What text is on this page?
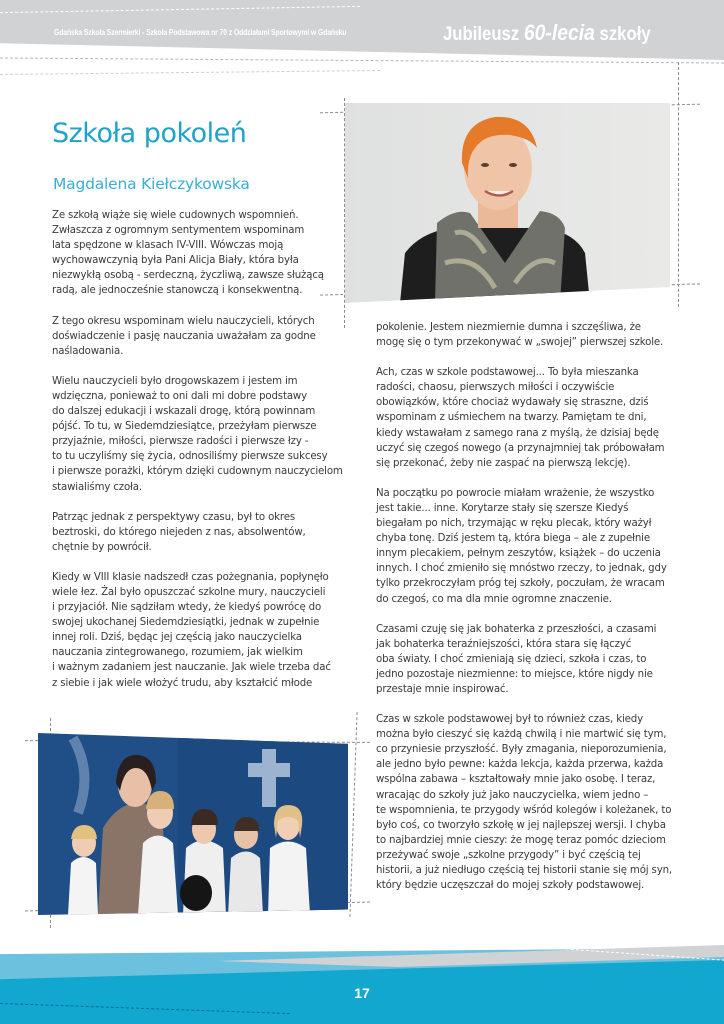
Gdańska Szkoła Szermierki - Szkoła Podstawowa nr 70 z Oddziałami Sportowymi w Gdańsku	Jubileusz 60-lecia szkoły
Szkoła pokoleń
Magdalena Kiełczykowska

Ze szkołą wiąże się wiele cudownych wspomnień.
Zwłaszcza z ogromnym sentymentem wspominam
lata spędzone w klasach IV-VIII. Wówczas moją
wychowawczynią była Pani Alicja Biały, która była
niezwykłą osobą - serdeczną, życzliwą, zawsze służącą
radą, ale jednocześnie stanowczą i konsekwentną.

Z tego okresu wspominam wielu nauczycieli, których
doświadczenie i pasję nauczania uważałam za godne
naśladowania.

Wielu nauczycieli było drogowskazem i jestem im
wdzięczna, ponieważ to oni dali mi dobre podstawy
do dalszej edukacji i wskazali drogę, którą powinnam
pójść. To tu, w Siedemdziesiątce, przeżyłam pierwsze
przyjaźnie, miłości, pierwsze radości i pierwsze łzy -
to tu uczyliśmy się życia, odnosiliśmy pierwsze sukcesy
i pierwsze porażki, którym dzięki cudownym nauczycielom
stawialiśmy czoła.

Patrząc jednak z perspektywy czasu, był to okres
beztroski, do którego niejeden z nas, absolwentów,
chętnie by powrócił.

Kiedy w VIII klasie nadszedł czas pożegnania, popłynęło
wiele łez. Żal było opuszczać szkolne mury, nauczycieli
i przyjaciół. Nie sądziłam wtedy, że kiedyś powrócę do
swojej ukochanej Siedemdziesiątki, jednak w zupełnie
innej roli. Dziś, będąc jej częścią jako nauczycielka
nauczania zintegrowanego, rozumiem, jak wielkim
i ważnym zadaniem jest nauczanie. Jak wiele trzeba dać
z siebie i jak wiele włożyć trudu, aby kształcić młode

pokolenie. Jestem niezmiernie dumna i szczęśliwa, że
mogę się o tym przekonywać w „swojej” pierwszej szkole.

Ach, czas w szkole podstawowej... To była mieszanka
radości, chaosu, pierwszych miłości i oczywiście
obowiązków, które chociaż wydawały się straszne, dziś
wspominam z uśmiechem na twarzy. Pamiętam te dni,
kiedy wstawałam z samego rana z myślą, że dzisiaj będę
uczyć się czegoś nowego (a przynajmniej tak próbowałam
się przekonać, żeby nie zaspać na pierwszą lekcję).

Na początku po powrocie miałam wrażenie, że wszystko
jest takie... inne. Korytarze stały się szersze Kiedyś
biegałam po nich, trzymając w ręku plecak, który ważył
chyba tonę. Dziś jestem tą, która biega – ale z zupełnie
innym plecakiem, pełnym zeszytów, książek – do uczenia
innych. I choć zmieniło się mnóstwo rzeczy, to jednak, gdy
tylko przekroczyłam próg tej szkoły, poczułam, że wracam
do czegoś, co ma dla mnie ogromne znaczenie.

Czasami czuję się jak bohaterka z przeszłości, a czasami
jak bohaterka teraźniejszości, która stara się łączyć
oba światy. I choć zmieniają się dzieci, szkoła i czas, to
jedno pozostaje niezmienne: to miejsce, które nigdy nie
przestaje mnie inspirować.

Czas w szkole podstawowej był to również czas, kiedy
można było cieszyć się każdą chwilą i nie martwić się tym,
co przyniesie przyszłość. Były zmagania, nieporozumienia,
ale jedno było pewne: każda lekcja, każda przerwa, każda
wspólna zabawa – kształtowały mnie jako osobę. I teraz,
wracając do szkoły już jako nauczycielka, wiem jedno –
te wspomnienia, te przygody wśród kolegów i koleżanek, to
było coś, co tworzyło szkołę w jej najlepszej wersji. I chyba
to najbardziej mnie cieszy: że mogę teraz pomóc dzieciom
przeżywać swoje „szkolne przygody” i być częścią tej
historii, a już niedługo częścią tej historii stanie się mój syn,
który będzie uczęszczał do mojej szkoły podstawowej.

17
